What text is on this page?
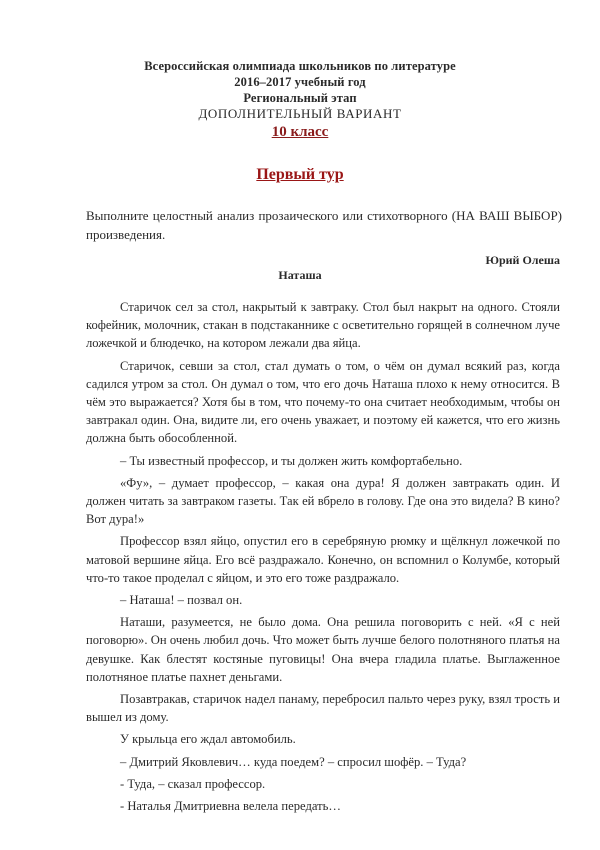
Всероссийская олимпиада школьников по литературе
2016–2017 учебный год
Региональный этап
ДОПОЛНИТЕЛЬНЫЙ ВАРИАНТ
10 класс
Первый тур
Выполните целостный анализ прозаического или стихотворного (НА ВАШ ВЫБОР) произведения.
Юрий Олеша
Наташа

Старичок сел за стол, накрытый к завтраку. Стол был накрыт на одного. Стояли кофейник, молочник, стакан в подстаканнике с осветительно горящей в солнечном луче ложечкой и блюдечко, на котором лежали два яйца.

Старичок, севши за стол, стал думать о том, о чём он думал всякий раз, когда садился утром за стол. Он думал о том, что его дочь Наташа плохо к нему относится. В чём это выражается? Хотя бы в том, что почему-то она считает необходимым, чтобы он завтракал один. Она, видите ли, его очень уважает, и поэтому ей кажется, что его жизнь должна быть обособленной.

– Ты известный профессор, и ты должен жить комфортабельно.

«Фу», – думает профессор, – какая она дура! Я должен завтракать один. И должен читать за завтраком газеты. Так ей вбрело в голову. Где она это видела? В кино? Вот дура!»

Профессор взял яйцо, опустил его в серебряную рюмку и щёлкнул ложечкой по матовой вершине яйца. Его всё раздражало. Конечно, он вспомнил о Колумбе, который что-то такое проделал с яйцом, и это его тоже раздражало.

– Наташа! – позвал он.

Наташи, разумеется, не было дома. Она решила поговорить с ней. «Я с ней поговорю». Он очень любил дочь. Что может быть лучше белого полотняного платья на девушке. Как блестят костяные пуговицы! Она вчера гладила платье. Выглаженное полотняное платье пахнет деньгами.

Позавтракав, старичок надел панаму, перебросил пальто через руку, взял трость и вышел из дому.

У крыльца его ждал автомобиль.

– Дмитрий Яковлевич… куда поедем? – спросил шофёр. – Туда?

- Туда, – сказал профессор.

- Наталья Дмитриевна велела передать…
